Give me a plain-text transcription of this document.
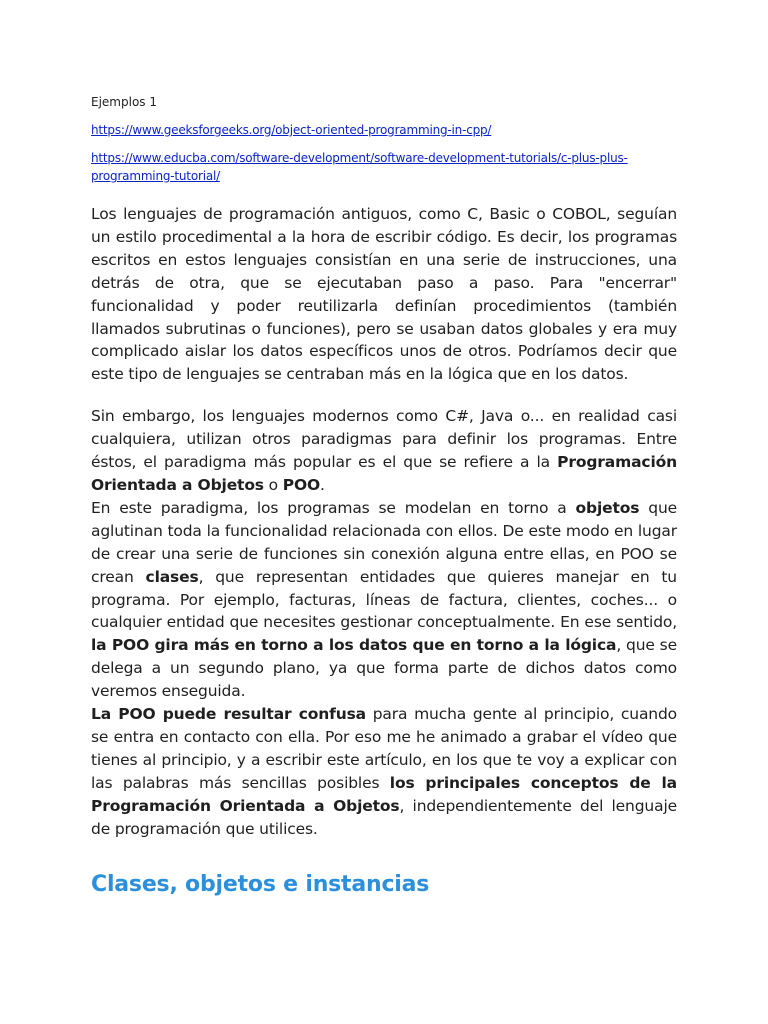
Ejemplos 1
https://www.geeksforgeeks.org/object-oriented-programming-in-cpp/
https://www.educba.com/software-development/software-development-tutorials/c-plus-plus-programming-tutorial/

Los lenguajes de programación antiguos, como C, Basic o COBOL, seguían un estilo procedimental a la hora de escribir código. Es decir, los programas escritos en estos lenguajes consistían en una serie de instrucciones, una detrás de otra, que se ejecutaban paso a paso. Para "encerrar" funcionalidad y poder reutilizarla definían procedimientos (también llamados subrutinas o funciones), pero se usaban datos globales y era muy complicado aislar los datos específicos unos de otros. Podríamos decir que este tipo de lenguajes se centraban más en la lógica que en los datos.

Sin embargo, los lenguajes modernos como C#, Java o... en realidad casi cualquiera, utilizan otros paradigmas para definir los programas. Entre éstos, el paradigma más popular es el que se refiere a la Programación Orientada a Objetos o POO.
En este paradigma, los programas se modelan en torno a objetos que aglutinan toda la funcionalidad relacionada con ellos. De este modo en lugar de crear una serie de funciones sin conexión alguna entre ellas, en POO se crean clases, que representan entidades que quieres manejar en tu programa. Por ejemplo, facturas, líneas de factura, clientes, coches... o cualquier entidad que necesites gestionar conceptualmente. En ese sentido, la POO gira más en torno a los datos que en torno a la lógica, que se delega a un segundo plano, ya que forma parte de dichos datos como veremos enseguida.
La POO puede resultar confusa para mucha gente al principio, cuando se entra en contacto con ella. Por eso me he animado a grabar el vídeo que tienes al principio, y a escribir este artículo, en los que te voy a explicar con las palabras más sencillas posibles los principales conceptos de la Programación Orientada a Objetos, independientemente del lenguaje de programación que utilices.
Clases, objetos e instancias
